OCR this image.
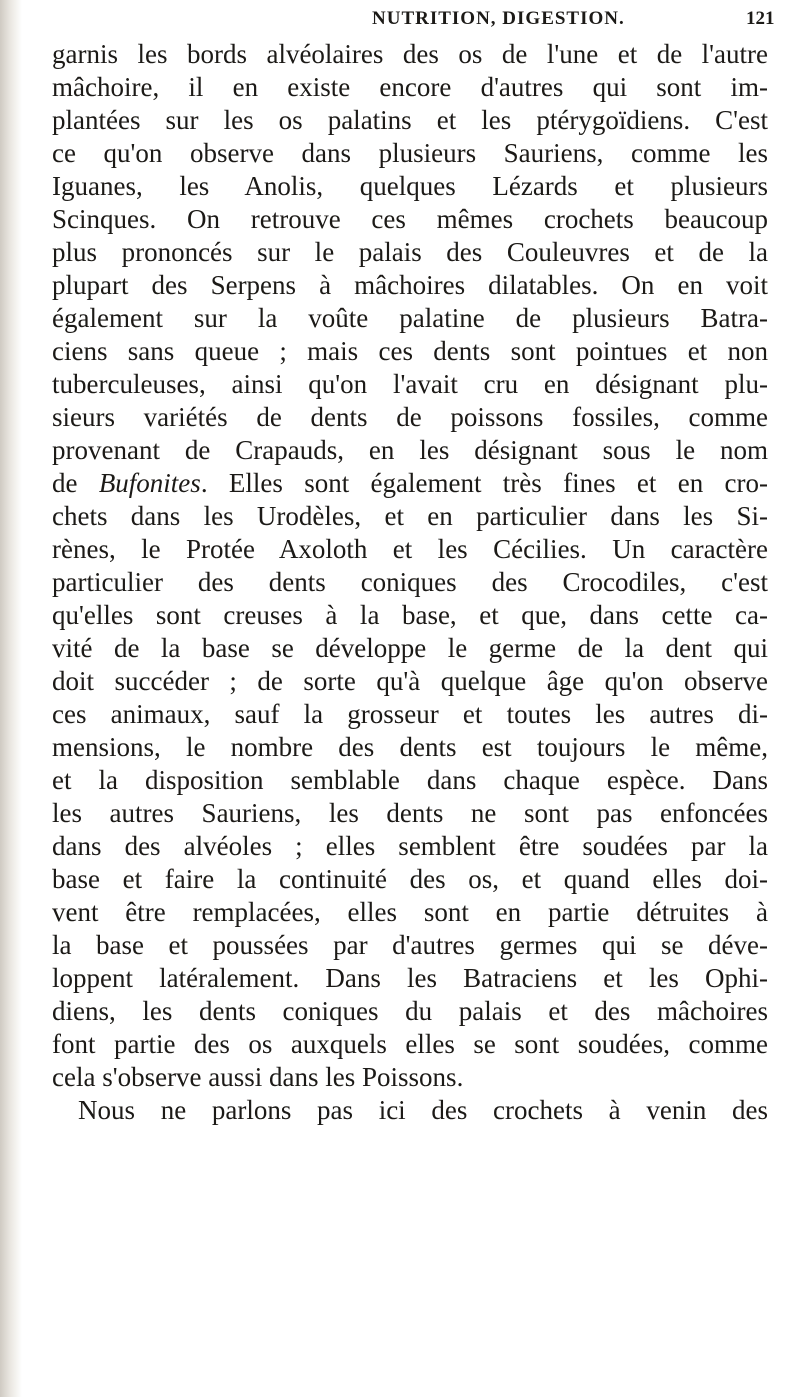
NUTRITION, DIGESTION.	121
garnis les bords alvéolaires des os de l'une et de l'autre
mâchoire, il en existe encore d'autres qui sont im-
plantées sur les os palatins et les ptérygoïdiens. C'est
ce qu'on observe dans plusieurs Sauriens, comme les
Iguanes, les Anolis, quelques Lézards et plusieurs
Scinques. On retrouve ces mêmes crochets beaucoup
plus prononcés sur le palais des Couleuvres et de la
plupart des Serpens à mâchoires dilatables. On en voit
également sur la voûte palatine de plusieurs Batra-
ciens sans queue ; mais ces dents sont pointues et non
tuberculeuses, ainsi qu'on l'avait cru en désignant plu-
sieurs variétés de dents de poissons fossiles, comme
provenant de Crapauds, en les désignant sous le nom
de Bufonites. Elles sont également très fines et en cro-
chets dans les Urodèles, et en particulier dans les Si-
rènes, le Protée Axoloth et les Cécilies. Un caractère
particulier des dents coniques des Crocodiles, c'est
qu'elles sont creuses à la base, et que, dans cette ca-
vité de la base se développe le germe de la dent qui
doit succéder ; de sorte qu'à quelque âge qu'on observe
ces animaux, sauf la grosseur et toutes les autres di-
mensions, le nombre des dents est toujours le même,
et la disposition semblable dans chaque espèce. Dans
les autres Sauriens, les dents ne sont pas enfoncées
dans des alvéoles ; elles semblent être soudées par la
base et faire la continuité des os, et quand elles doi-
vent être remplacées, elles sont en partie détruites à
la base et poussées par d'autres germes qui se déve-
loppent latéralement. Dans les Batraciens et les Ophi-
diens, les dents coniques du palais et des mâchoires
font partie des os auxquels elles se sont soudées, comme
cela s'observe aussi dans les Poissons.
Nous ne parlons pas ici des crochets à venin des
